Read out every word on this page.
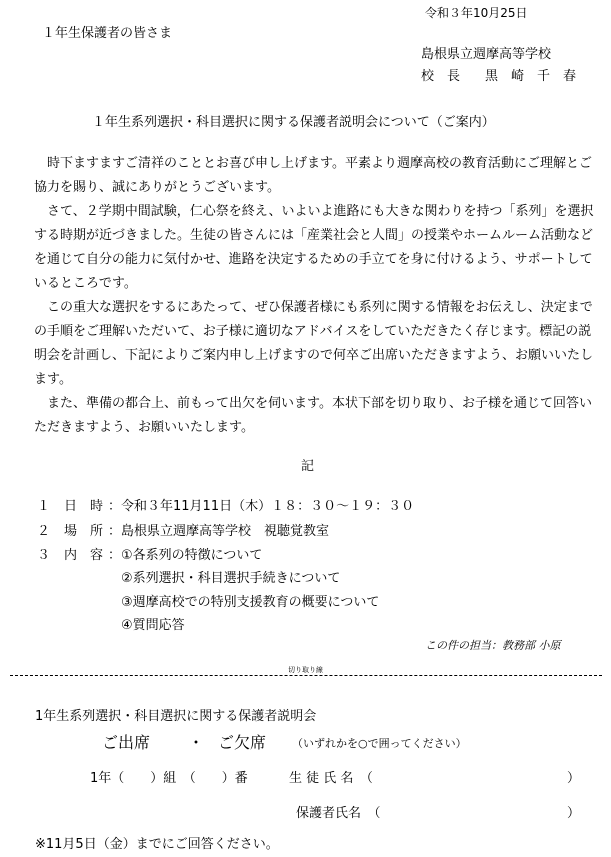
令和３年10月25日
１年生保護者の皆さま
島根県立週摩高等学校
校　長 黒　崎　千　春
１年生系列選択・科目選択に関する保護者説明会について（ご案内）
時下ますますご清祥のこととお喜び申し上げます。平素より週摩高校の教育活動にご理解とご協力を賜り、誠にありがとうございます。
さて、２学期中間試験，仁心祭を終え、いよいよ進路にも大きな関わりを持つ「系列」を選択する時期が近づきました。生徒の皆さんには「産業社会と人間」の授業やホームルーム活動などを通じて自分の能力に気付かせ、進路を決定するための手立てを身に付けるよう、サポートしているところです。
この重大な選択をするにあたって、ぜひ保護者様にも系列に関する情報をお伝えし、決定までの手順をご理解いただいて、お子様に適切なアドバイスをしていただきたく存じます。標記の説明会を計画し、下記によりご案内申し上げますので何卒ご出席いただきますよう、お願いいたします。
また、準備の都合上、前もって出欠を伺います。本状下部を切り取り、お子様を通じて回答いただきますよう、お願いいたします。
記
１ 日　時 ：令和３年11月11日（木）１８：３０～１９：３０
２ 場　所 ：島根県立週摩高等学校　視聴覚教室
３ 内　容 ：①各系列の特徴について
②系列選択・科目選択手続きについて
③週摩高校での特別支援教育の概要について
④質問応答
この件の担当：教務部 小原
切り取り線
1年生系列選択・科目選択に関する保護者説明会
ご出席 ・ ご欠席 （いずれかを○で囲ってください）
1年（　　）組　（　　）番	生 徒 氏 名　（	）
保護者氏名　（	）
※11月5日（金）までにご回答ください。
